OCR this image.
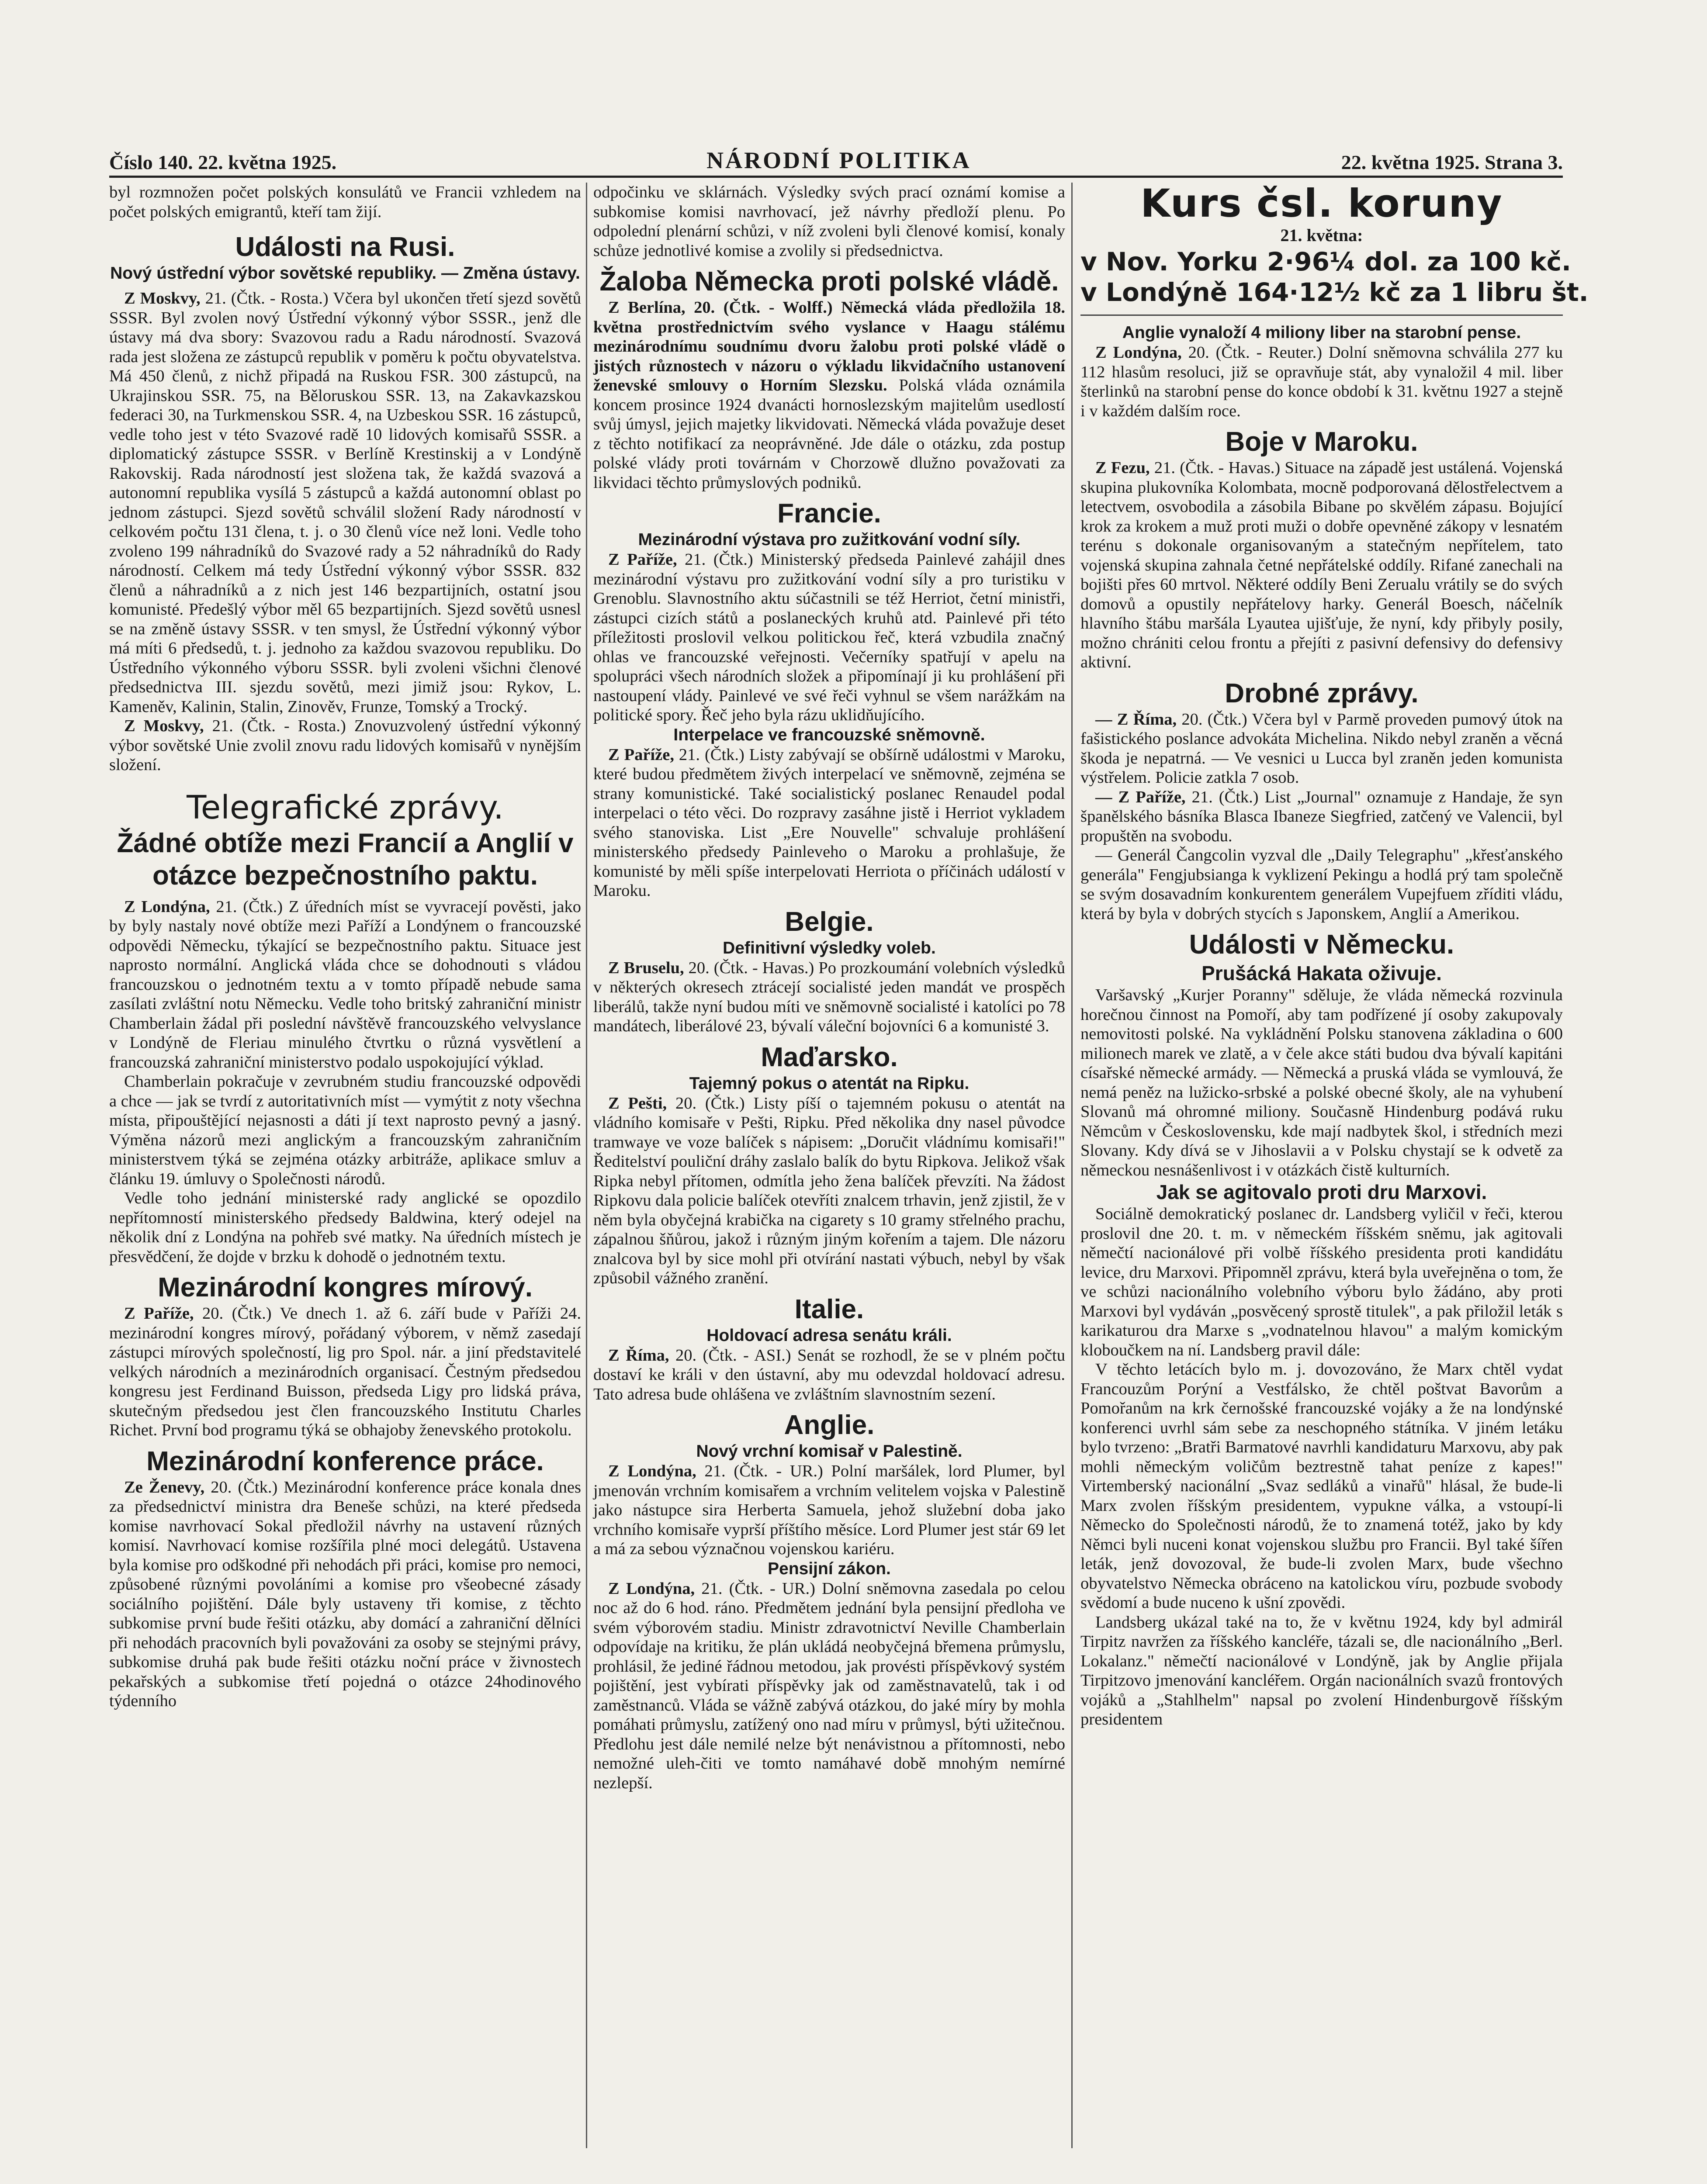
Číslo 140. 22. května 1925.	NÁRODNÍ POLITIKA	22. května 1925. Strana 3.

byl rozmnožen počet polských konsulátů ve Francii vzhledem na počet polských emigrantů, kteří tam žijí.

Události na Rusi.
Nový ústřední výbor sovětské republiky. — Změna ústavy.

Z Moskvy, 21. (Čtk. - Rosta.) Včera byl ukončen třetí sjezd sovětů SSSR. Byl zvolen nový Ústřední výkonný výbor SSSR., jenž dle ústavy má dva sbory: Svazovou radu a Radu národností. Svazová rada jest složena ze zástupců republik v poměru k počtu obyvatelstva. Má 450 členů, z nichž připadá na Ruskou FSR. 300 zástupců, na Ukrajinskou SSR. 75, na Běloruskou SSR. 13, na Zakavkazskou federaci 30, na Turkmenskou SSR. 4, na Uzbeskou SSR. 16 zástupců, vedle toho jest v této Svazové radě 10 lidových komisařů SSSR. a diplomatický zástupce SSSR. v Berlíně Krestinskij a v Londýně Rakovskij. Rada národností jest složena tak, že každá svazová a autonomní republika vysílá 5 zástupců a každá autonomní oblast po jednom zástupci. Sjezd sovětů schválil složení Rady národností v celkovém počtu 131 člena, t. j. o 30 členů více než loni. Vedle toho zvoleno 199 náhradníků do Svazové rady a 52 náhradníků do Rady národností. Celkem má tedy Ústřední výkonný výbor SSSR. 832 členů a náhradníků a z nich jest 146 bezpartijních, ostatní jsou komunisté. Předešlý výbor měl 65 bezpartijních. Sjezd sovětů usnesl se na změně ústavy SSSR. v ten smysl, že Ústřední výkonný výbor má míti 6 předsedů, t. j. jednoho za každou svazovou republiku. Do Ústředního výkonného výboru SSSR. byli zvoleni všichni členové předsednictva III. sjezdu sovětů, mezi jimiž jsou: Rykov, L. Kameněv, Kalinin, Stalin, Zinověv, Frunze, Tomský a Trocký.

Z Moskvy, 21. (Čtk. - Rosta.) Znovuzvolený ústřední výkonný výbor sovětské Unie zvolil znovu radu lidových komisařů v nynějším složení.

Telegrafické zprávy.
Žádné obtíže mezi Francií a Anglií v otázce bezpečnostního paktu.

Z Londýna, 21. (Čtk.) Z úředních míst se vyvracejí pověsti, jako by byly nastaly nové obtíže mezi Paříží a Londýnem o francouzské odpovědi Německu, týkající se bezpečnostního paktu. Situace jest naprosto normální. Anglická vláda chce se dohodnouti s vládou francouzskou o jednotném textu a v tomto případě nebude sama zasílati zvláštní notu Německu. Vedle toho britský zahraniční ministr Chamberlain žádal při poslední návštěvě francouzského velvyslance v Londýně de Fleriau minulého čtvrtku o různá vysvětlení a francouzská zahraniční ministerstvo podalo uspokojující výklad.

Chamberlain pokračuje v zevrubném studiu francouzské odpovědi a chce — jak se tvrdí z autoritativních míst — vymýtit z noty všechna místa, připouštějící nejasnosti a dáti jí text naprosto pevný a jasný. Výměna názorů mezi anglickým a francouzským zahraničním ministerstvem týká se zejména otázky arbitráže, aplikace smluv a článku 19. úmluvy o Společnosti národů.

Vedle toho jednání ministerské rady anglické se opozdilo nepřítomností ministerského předsedy Baldwina, který odejel na několik dní z Londýna na pohřeb své matky. Na úředních místech je přesvědčení, že dojde v brzku k dohodě o jednotném textu.

Mezinárodní kongres mírový.

Z Paříže, 20. (Čtk.) Ve dnech 1. až 6. září bude v Paříži 24. mezinárodní kongres mírový, pořádaný výborem, v němž zasedají zástupci mírových společností, lig pro Spol. nár. a jiní představitelé velkých národních a mezinárodních organisací. Čestným předsedou kongresu jest Ferdinand Buisson, předseda Ligy pro lidská práva, skutečným předsedou jest člen francouzského Institutu Charles Richet. První bod programu týká se obhajoby ženevského protokolu.

Mezinárodní konference práce.

Ze Ženevy, 20. (Čtk.) Mezinárodní konference práce konala dnes za předsednictví ministra dra Beneše schůzi, na které předseda komise navrhovací Sokal předložil návrhy na ustavení různých komisí. Navrhovací komise rozšířila plné moci delegátů. Ustavena byla komise pro odškodné při nehodách při práci, komise pro nemoci, způsobené různými povoláními a komise pro všeobecné zásady sociálního pojištění. Dále byly ustaveny tři komise, z těchto subkomise první bude řešiti otázku, aby domácí a zahraniční dělníci při nehodách pracovních byli považováni za osoby se stejnými právy, subkomise druhá pak bude řešiti otázku noční práce v živnostech pekařských a subkomise třetí pojedná o otázce 24hodinového týdenního

odpočinku ve sklárnách. Výsledky svých prací oznámí komise a subkomise komisi navrhovací, jež návrhy předloží plenu. Po odpolední plenární schůzi, v níž zvoleni byli členové komisí, konaly schůze jednotlivé komise a zvolily si předsednictva.

Žaloba Německa proti polské vládě.

Z Berlína, 20. (Čtk. - Wolff.) Německá vláda předložila 18. května prostřednictvím svého vyslance v Haagu stálému mezinárodnímu soudnímu dvoru žalobu proti polské vládě o jistých různostech v názoru o výkladu likvidačního ustanovení ženevské smlouvy o Horním Slezsku. Polská vláda oznámila koncem prosince 1924 dvanácti hornoslezským majitelům usedlostí svůj úmysl, jejich majetky likvidovati. Německá vláda považuje deset z těchto notifikací za neoprávněné. Jde dále o otázku, zda postup polské vlády proti továrnám v Chorzowě dlužno považovati za likvidaci těchto průmyslových podniků.

Francie.
Mezinárodní výstava pro zužitkování vodní síly.

Z Paříže, 21. (Čtk.) Ministerský předseda Painlevé zahájil dnes mezinárodní výstavu pro zužitkování vodní síly a pro turistiku v Grenoblu. Slavnostního aktu súčastnili se též Herriot, četní ministři, zástupci cizích států a poslaneckých kruhů atd. Painlevé při této příležitosti proslovil velkou politickou řeč, která vzbudila značný ohlas ve francouzské veřejnosti. Večerníky spatřují v apelu na spolupráci všech národních složek a připomínají ji ku prohlášení při nastoupení vlády. Painlevé ve své řeči vyhnul se všem narážkám na politické spory. Řeč jeho byla rázu uklidňujícího.

Interpelace ve francouzské sněmovně.

Z Paříže, 21. (Čtk.) Listy zabývají se obšírně událostmi v Maroku, které budou předmětem živých interpelací ve sněmovně, zejména se strany komunistické. Také socialistický poslanec Renaudel podal interpelaci o této věci. Do rozpravy zasáhne jistě i Herriot vykladem svého stanoviska. List „Ere Nouvelle" schvaluje prohlášení ministerského předsedy Painleveho o Maroku a prohlašuje, že komunisté by měli spíše interpelovati Herriota o příčinách událostí v Maroku.

Belgie.
Definitivní výsledky voleb.

Z Bruselu, 20. (Čtk. - Havas.) Po prozkoumání volebních výsledků v některých okresech ztrácejí socialisté jeden mandát ve prospěch liberálů, takže nyní budou míti ve sněmovně socialisté i katolíci po 78 mandátech, liberálové 23, bývalí váleční bojovníci 6 a komunisté 3.

Maďarsko.
Tajemný pokus o atentát na Ripku.

Z Pešti, 20. (Čtk.) Listy píší o tajemném pokusu o atentát na vládního komisaře v Pešti, Ripku. Před několika dny nasel původce tramwaye ve voze balíček s nápisem: „Doručit vládnímu komisaři!" Ředitelství pouliční dráhy zaslalo balík do bytu Ripkova. Jelikož však Ripka nebyl přítomen, odmítla jeho žena balíček převzíti. Na žádost Ripkovu dala policie balíček otevříti znalcem trhavin, jenž zjistil, že v něm byla obyčejná krabička na cigarety s 10 gramy střelného prachu, zápalnou šňůrou, jakož i různým jiným kořením a tajem. Dle názoru znalcova byl by sice mohl při otvírání nastati výbuch, nebyl by však způsobil vážného zranění.

Italie.
Holdovací adresa senátu králi.

Z Říma, 20. (Čtk. - ASI.) Senát se rozhodl, že se v plném počtu dostaví ke králi v den ústavní, aby mu odevzdal holdovací adresu. Tato adresa bude ohlášena ve zvláštním slavnostním sezení.

Anglie.
Nový vrchní komisař v Palestině.

Z Londýna, 21. (Čtk. - UR.) Polní maršálek, lord Plumer, byl jmenován vrchním komisařem a vrchním velitelem vojska v Palestině jako nástupce sira Herberta Samuela, jehož služební doba jako vrchního komisaře vyprší příštího měsíce. Lord Plumer jest stár 69 let a má za sebou význačnou vojenskou kariéru.

Pensijní zákon.

Z Londýna, 21. (Čtk. - UR.) Dolní sněmovna zasedala po celou noc až do 6 hod. ráno. Předmětem jednání byla pensijní předloha ve svém výborovém stadiu. Ministr zdravotnictví Neville Chamberlain odpovídaje na kritiku, že plán ukládá neobyčejná břemena průmyslu, prohlásil, že jediné řádnou metodou, jak provésti příspěvkový systém pojištění, jest vybírati příspěvky jak od zaměstnavatelů, tak i od zaměstnanců. Vláda se vážně zabývá otázkou, do jaké míry by mohla pomáhati průmyslu, zatížený ono nad míru v průmysl, býti užitečnou. Předlohu jest dále nemilé nelze být nenávistnou a přítomnosti, nebo nemožné uleh-čiti ve tomto namáhavé době mnohým nemírné nezlepší.

Kurs čsl. koruny
21. května:
v Nov. Yorku 2·96¼ dol. za 100 kč.
v Londýně 164·12½ kč za 1 libru št.
Anglie vynaloží 4 miliony liber na starobní pense.

Z Londýna, 20. (Čtk. - Reuter.) Dolní sněmovna schválila 277 ku 112 hlasům resoluci, již se opravňuje stát, aby vynaložil 4 mil. liber šterlinků na starobní pense do konce období k 31. květnu 1927 a stejně i v každém dalším roce.

Boje v Maroku.

Z Fezu, 21. (Čtk. - Havas.) Situace na západě jest ustálená. Vojenská skupina plukovníka Kolombata, mocně podporovaná dělostřelectvem a letectvem, osvobodila a zásobila Bibane po skvělém zápasu. Bojující krok za krokem a muž proti muži o dobře opevněné zákopy v lesnatém terénu s dokonale organisovaným a statečným nepřítelem, tato vojenská skupina zahnala četné nepřátelské oddíly. Rifané zanechali na bojišti přes 60 mrtvol. Některé oddíly Beni Zerualu vrátily se do svých domovů a opustily nepřátelovy harky. Generál Boesch, náčelník hlavního štábu maršála Lyautea ujišťuje, že nyní, kdy přibyly posily, možno chrániti celou frontu a přejíti z pasivní defensivy do defensivy aktivní.

Drobné zprávy.

— Z Říma, 20. (Čtk.) Včera byl v Parmě proveden pumový útok na fašistického poslance advokáta Michelina. Nikdo nebyl zraněn a věcná škoda je nepatrná. — Ve vesnici u Lucca byl zraněn jeden komunista výstřelem. Policie zatkla 7 osob.

— Z Paříže, 21. (Čtk.) List „Journal" oznamuje z Handaje, že syn španělského básníka Blasca Ibaneze Siegfried, zatčený ve Valencii, byl propuštěn na svobodu.

— Generál Čangcolin vyzval dle „Daily Telegraphu" „křesťanského generála" Fengjubsianga k vyklizení Pekingu a hodlá prý tam společně se svým dosavadním konkurentem generálem Vupejfuem zříditi vládu, která by byla v dobrých stycích s Japonskem, Anglií a Amerikou.

Události v Německu.
Prušácká Hakata oživuje.

Varšavský „Kurjer Poranny" sděluje, že vláda německá rozvinula horečnou činnost na Pomoří, aby tam podřízené jí osoby zakupovaly nemovitosti polské. Na vykládnění Polsku stanovena základina o 600 milionech marek ve zlatě, a v čele akce státi budou dva bývalí kapitáni císařské německé armády. — Německá a pruská vláda se vymlouvá, že nemá peněz na lužicko-srbské a polské obecné školy, ale na vyhubení Slovanů má ohromné miliony. Současně Hindenburg podává ruku Němcům v Československu, kde mají nadbytek škol, i středních mezi Slovany. Kdy dívá se v Jihoslavii a v Polsku chystají se k odvetě za německou nesnášenlivost i v otázkách čistě kulturních.

Jak se agitovalo proti dru Marxovi.

Sociálně demokratický poslanec dr. Landsberg vyličil v řeči, kterou proslovil dne 20. t. m. v německém říšském sněmu, jak agitovali němečtí nacionálové při volbě říšského presidenta proti kandidátu levice, dru Marxovi. Připomněl zprávu, která byla uveřejněna o tom, že ve schůzi nacionálního volebního výboru bylo žádáno, aby proti Marxovi byl vydáván „posvěcený sprostě titulek", a pak přiložil leták s karikaturou dra Marxe s „vodnatelnou hlavou" a malým komickým kloboučkem na ní. Landsberg pravil dále:

V těchto letácích bylo m. j. dovozováno, že Marx chtěl vydat Francouzům Porýní a Vestfálsko, že chtěl poštvat Bavorům a Pomořanům na krk černošské francouzské vojáky a že na londýnské konferenci uvrhl sám sebe za neschopného státníka. V jiném letáku bylo tvrzeno: „Bratři Barmatové navrhli kandidaturu Marxovu, aby pak mohli německým voličům beztrestně tahat peníze z kapes!" Virtemberský nacionální „Svaz sedláků a vinařů" hlásal, že bude-li Marx zvolen říšským presidentem, vypukne válka, a vstoupí-li Německo do Společnosti národů, že to znamená totéž, jako by kdy Němci byli nuceni konat vojenskou službu pro Francii. Byl také šířen leták, jenž dovozoval, že bude-li zvolen Marx, bude všechno obyvatelstvo Německa obráceno na katolickou víru, pozbude svobody svědomí a bude nuceno k ušní zpovědi.

Landsberg ukázal také na to, že v květnu 1924, kdy byl admirál Tirpitz navržen za říšského kancléře, tázali se, dle nacionálního „Berl. Lokalanz." němečtí nacionálové v Londýně, jak by Anglie přijala Tirpitzovo jmenování kancléřem. Orgán nacionálních svazů frontových vojáků a „Stahlhelm" napsal po zvolení Hindenburgově říšským presidentem
